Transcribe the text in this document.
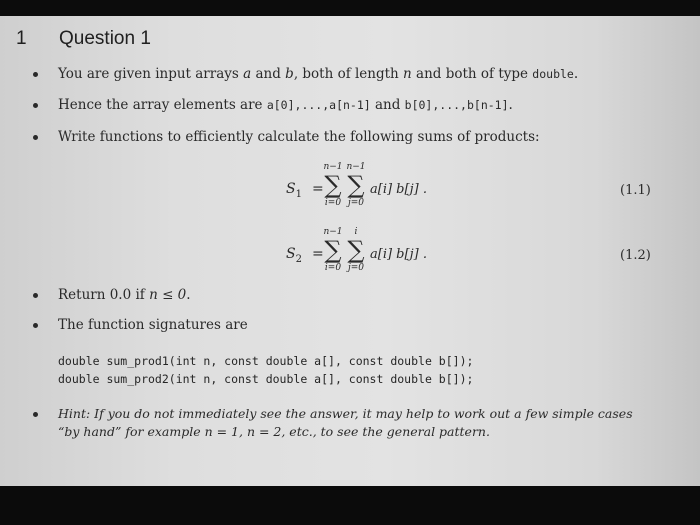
1 Question 1
You are given input arrays a and b, both of length n and both of type double.
Hence the array elements are a[0],...,a[n-1] and b[0],...,b[n-1].
Write functions to efficiently calculate the following sums of products:
$S_1$ =
n−1
∑
i=0
n−1
∑
j=0
a[i] b[j] .	(1.1)
$S_2$ =
n−1
∑
i=0
i
∑
j=0
a[i] b[j] .	(1.2)
Return 0.0 if n ≤ 0.
The function signatures are
double sum_prod1(int n, const double a[], const double b[]);
double sum_prod2(int n, const double a[], const double b[]);
Hint: If you do not immediately see the answer, it may help to work out a few simple cases
“by hand” for example n = 1, n = 2, etc., to see the general pattern.
